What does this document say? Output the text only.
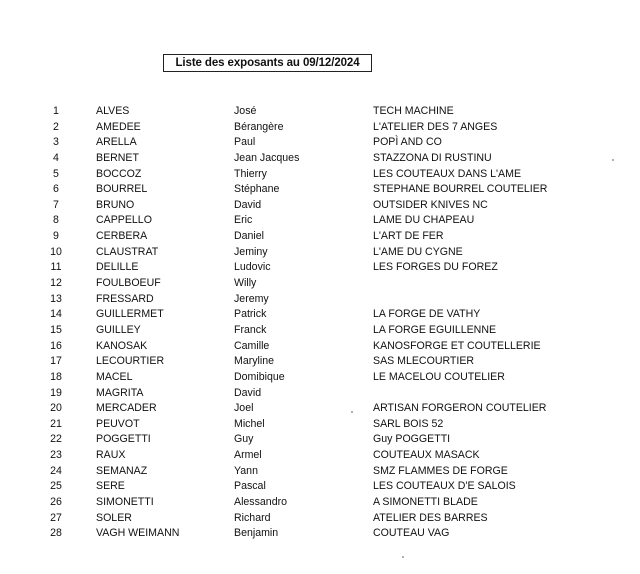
Liste des exposants au 09/12/2024
1	ALVES	José	TECH MACHINE
2	AMEDEE	Bérangère	L'ATELIER DES 7 ANGES
3	ARELLA	Paul	POPÌ AND CO
4	BERNET	Jean Jacques	STAZZONA DI RUSTINU
5	BOCCOZ	Thierry	LES COUTEAUX DANS L'AME
6	BOURREL	Stéphane	STEPHANE BOURREL COUTELIER
7	BRUNO	David	OUTSIDER KNIVES NC
8	CAPPELLO	Eric	LAME DU CHAPEAU
9	CERBERA	Daniel	L'ART DE FER
10	CLAUSTRAT	Jeminy	L'AME DU CYGNE
11	DELILLE	Ludovic	LES FORGES DU FOREZ
12	FOULBOEUF	Willy
13	FRESSARD	Jeremy
14	GUILLERMET	Patrick	LA FORGE DE VATHY
15	GUILLEY	Franck	LA FORGE EGUILLENNE
16	KANOSAK	Camille	KANOSFORGE ET COUTELLERIE
17	LECOURTIER	Maryline	SAS MLECOURTIER
18	MACEL	Domibique	LE MACELOU COUTELIER
19	MAGRITA	David
20	MERCADER	Joel	ARTISAN FORGERON COUTELIER
21	PEUVOT	Michel	SARL BOIS 52
22	POGGETTI	Guy	Guy POGGETTI
23	RAUX	Armel	COUTEAUX MASACK
24	SEMANAZ	Yann	SMZ FLAMMES DE FORGE
25	SERE	Pascal	LES COUTEAUX D'E SALOIS
26	SIMONETTI	Alessandro	A SIMONETTI BLADE
27	SOLER	Richard	ATELIER DES BARRES
28	VAGH WEIMANN	Benjamin	COUTEAU VAG
